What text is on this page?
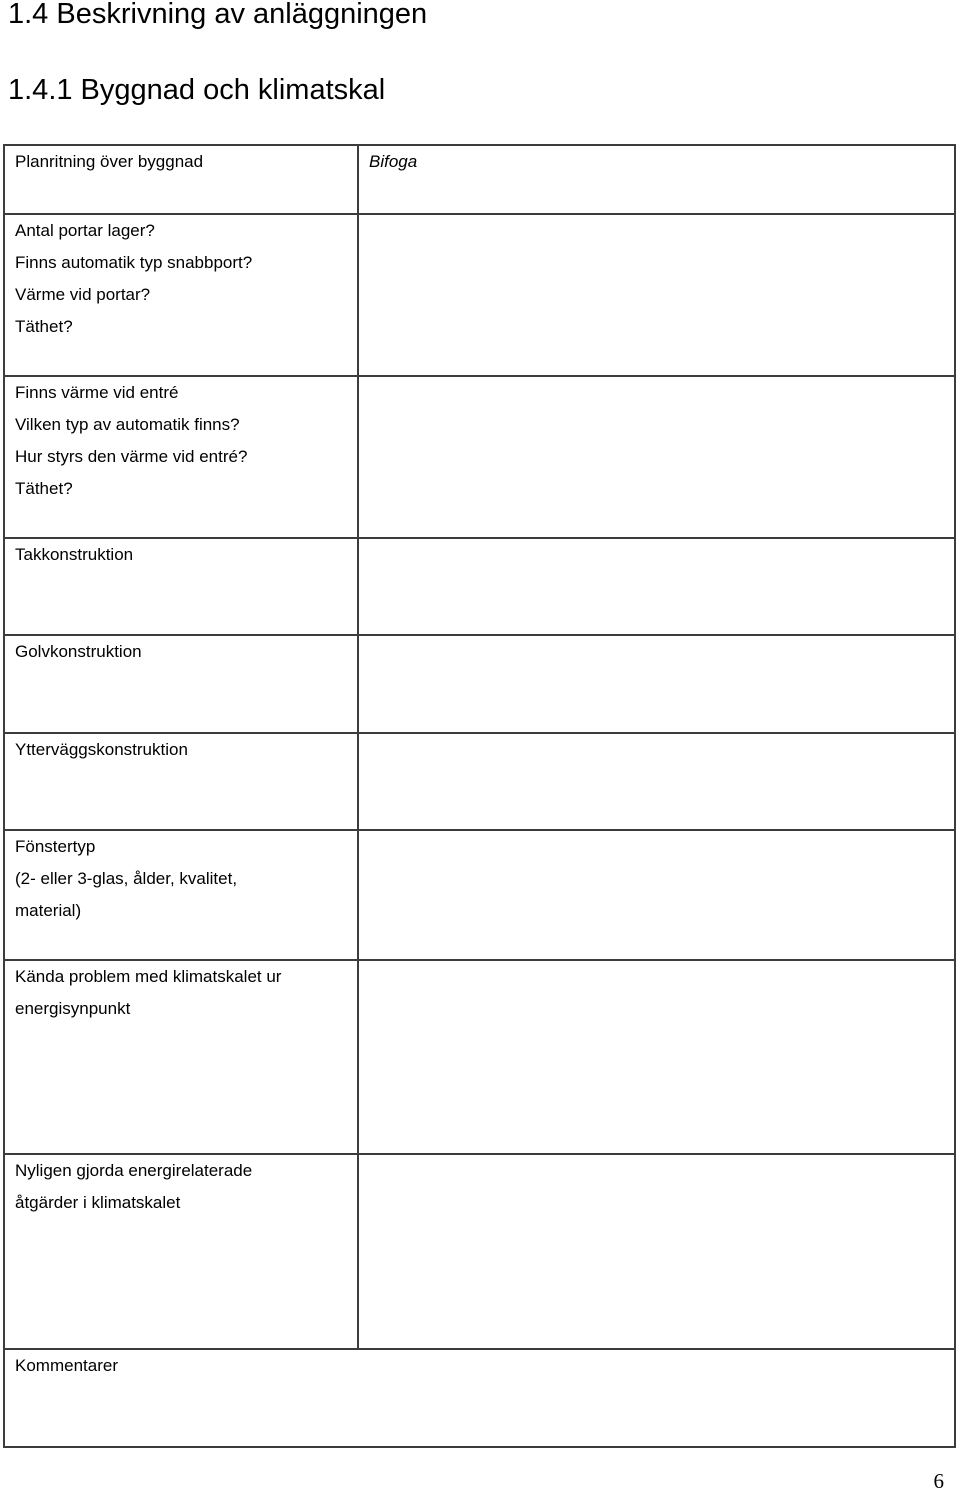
1.4 Beskrivning av anläggningen
1.4.1 Byggnad och klimatskal
Planritning över byggnad	Bifoga

Antal portar lager?
Finns automatik typ snabbport?
Värme vid portar?
Täthet?	

Finns värme vid entré
Vilken typ av automatik finns?
Hur styrs den värme vid entré?
Täthet?	

Takkonstruktion	

Golvkonstruktion	

Ytterväggskonstruktion	

Fönstertyp
(2- eller 3-glas, ålder, kvalitet,
material)	

Kända problem med klimatskalet ur
energisynpunkt	

Nyligen gjorda energirelaterade
åtgärder i klimatskalet	

Kommentarer	
6
